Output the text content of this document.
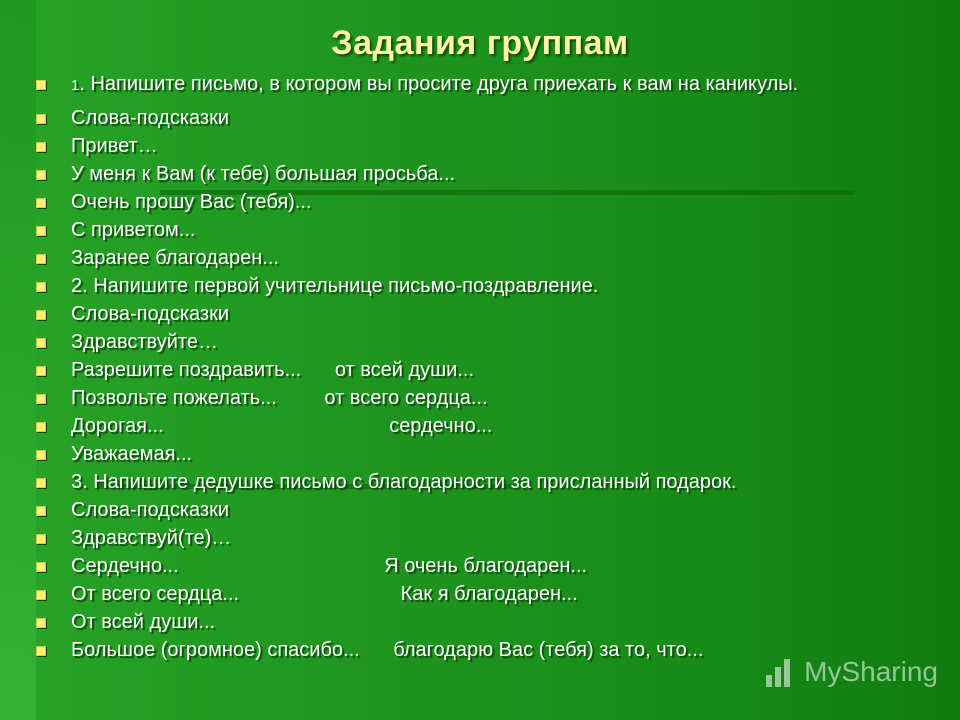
Задания группам
1. Напишите письмо, в котором вы просите друга приехать к вам на каникулы.
Слова-подсказки
Привет…
У меня к Вам (к тебе) большая просьба...
Очень прошу Вас (тебя)...
С приветом...
Заранее благодарен...
2. Напишите первой учительнице письмо-поздравление.
Слова-подсказки
Здравствуйте…
Разрешите поздравить... от всей души...
Позвольте пожелать... от всего сердца...
Дорогая...	сердечно...
Уважаемая...
3. Напишите дедушке письмо с благодарности за присланный подарок.
Слова-подсказки
Здравствуй(те)…
Сердечно...	Я очень благодарен...
От всего сердца...	Как я благодарен...
От всей души...
Большое (огромное) спасибо... благодарю Вас (тебя) за то, что...
MySharing
